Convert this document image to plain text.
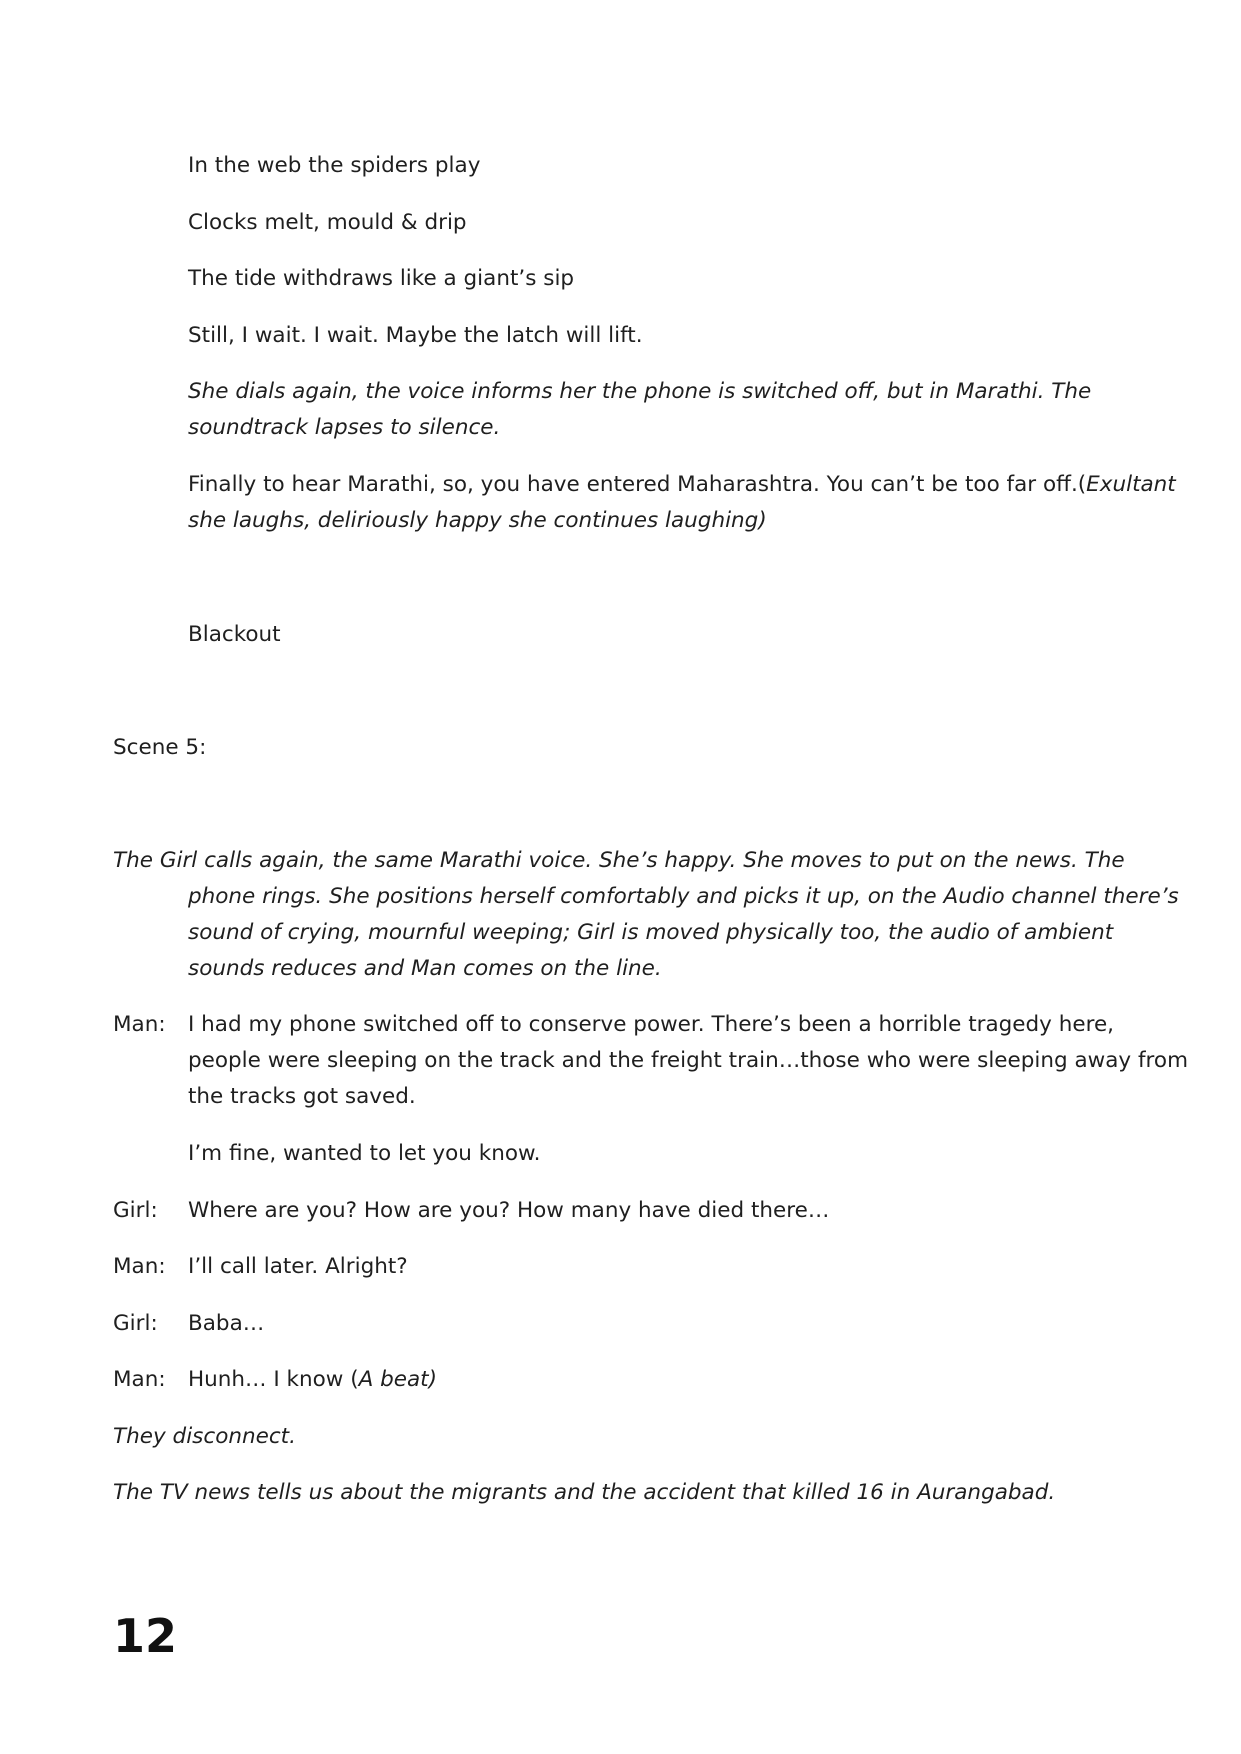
In the web the spiders play
Clocks melt, mould & drip
The tide withdraws like a giant’s sip
Still, I wait. I wait. Maybe the latch will lift.
She dials again, the voice informs her the phone is switched off, but in Marathi. The
soundtrack lapses to silence.
Finally to hear Marathi, so, you have entered Maharashtra. You can’t be too far off.(Exultant
she laughs, deliriously happy she continues laughing)
Blackout
Scene 5:
The Girl calls again, the same Marathi voice. She’s happy. She moves to put on the news. The
phone rings. She positions herself comfortably and picks it up, on the Audio channel there’s
sound of crying, mournful weeping; Girl is moved physically too, the audio of ambient
sounds reduces and Man comes on the line.
Man: I had my phone switched off to conserve power. There’s been a horrible tragedy here,
people were sleeping on the track and the freight train…those who were sleeping away from
the tracks got saved.
I’m fine, wanted to let you know.
Girl: Where are you? How are you? How many have died there…
Man: I’ll call later. Alright?
Girl: Baba…
Man: Hunh… I know (A beat)
They disconnect.
The TV news tells us about the migrants and the accident that killed 16 in Aurangabad.
12
